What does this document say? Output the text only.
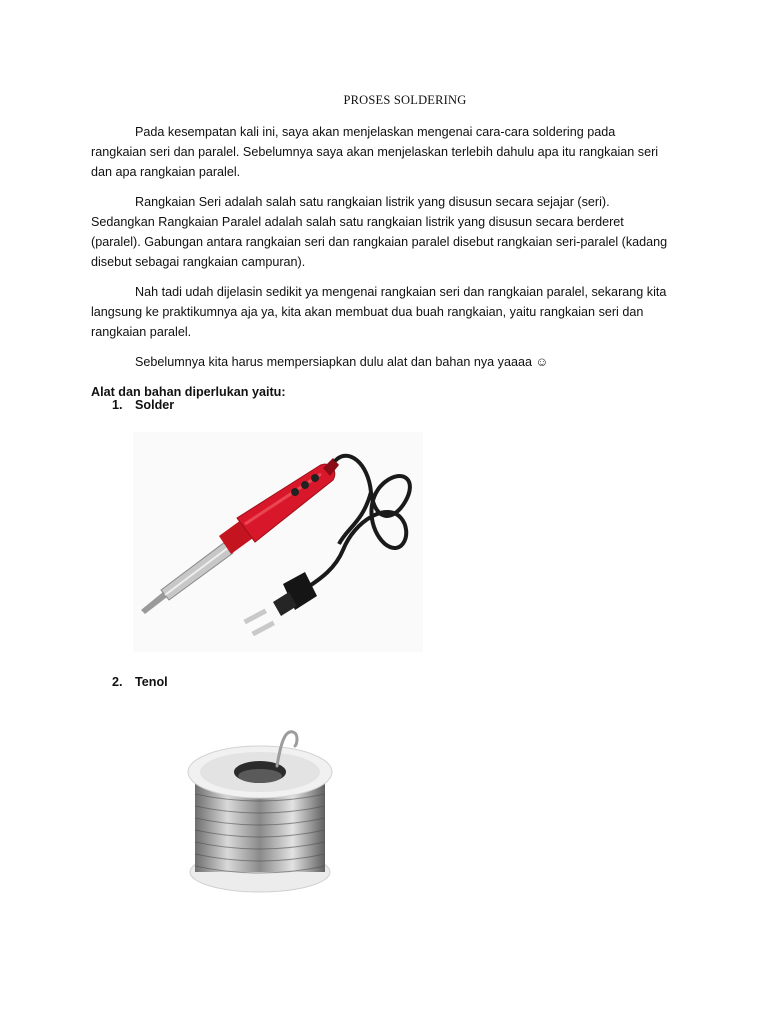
PROSES SOLDERING

Pada kesempatan kali ini, saya akan menjelaskan mengenai cara-cara soldering pada rangkaian seri dan paralel. Sebelumnya saya akan menjelaskan terlebih dahulu apa itu rangkaian seri dan apa rangkaian paralel.

Rangkaian Seri adalah salah satu rangkaian listrik yang disusun secara sejajar (seri). Sedangkan Rangkaian Paralel adalah salah satu rangkaian listrik yang disusun secara berderet (paralel). Gabungan antara rangkaian seri dan rangkaian paralel disebut rangkaian seri-paralel (kadang disebut sebagai rangkaian campuran).

Nah tadi udah dijelasin sedikit ya mengenai rangkaian seri dan rangkaian paralel, sekarang kita langsung ke praktikumnya aja ya, kita akan membuat dua buah rangkaian, yaitu rangkaian seri dan rangkaian paralel.

Sebelumnya kita harus mempersiapkan dulu alat dan bahan nya yaaaa ☺

Alat dan bahan diperlukan yaitu:

1. Solder
2. Tenol
